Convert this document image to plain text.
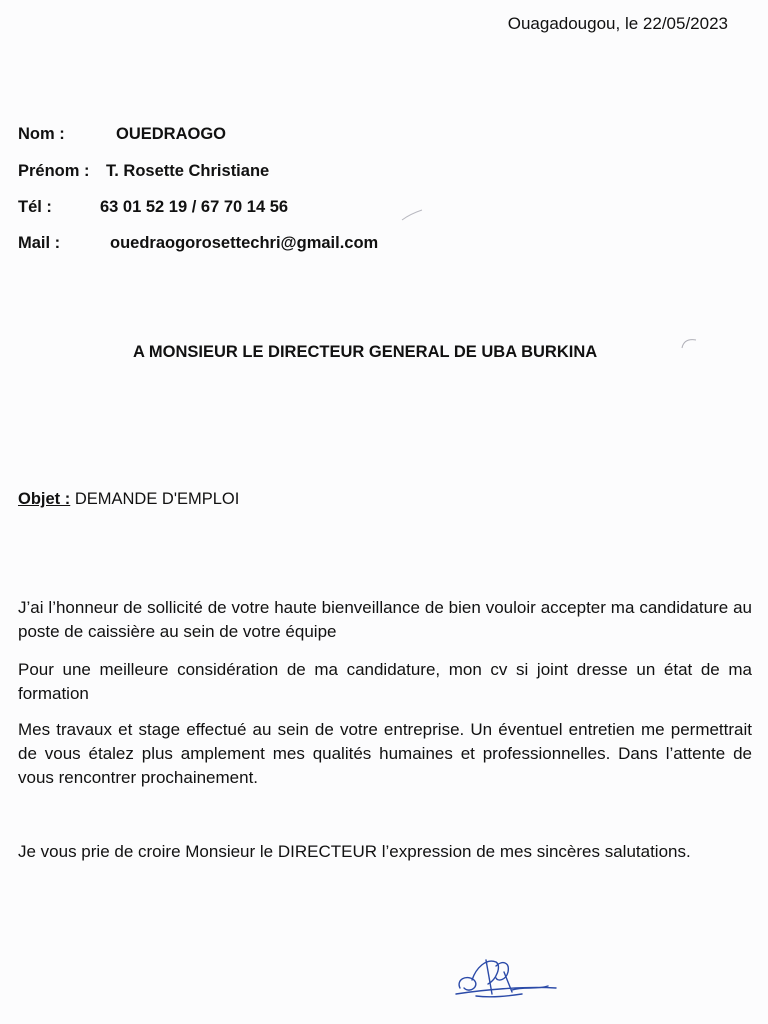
Ouagadougou, le 22/05/2023
Nom :	OUEDRAOGO
Prénom : T. Rosette Christiane
Tél :	63 01 52 19 / 67 70 14 56
Mail :	ouedraogorosettechri@gmail.com
A MONSIEUR LE DIRECTEUR GENERAL DE UBA BURKINA
Objet : DEMANDE D'EMPLOI
J’ai l’honneur de sollicité de votre haute bienveillance de bien vouloir accepter ma candidature au poste de caissière au sein de votre équipe
Pour une meilleure considération de ma candidature, mon cv si joint dresse un état de ma formation
Mes travaux et stage effectué au sein de votre entreprise. Un éventuel entretien me permettrait de vous étalez plus amplement mes qualités humaines et professionnelles. Dans l’attente de vous rencontrer prochainement.
Je vous prie de croire Monsieur le DIRECTEUR l’expression de mes sincères salutations.
